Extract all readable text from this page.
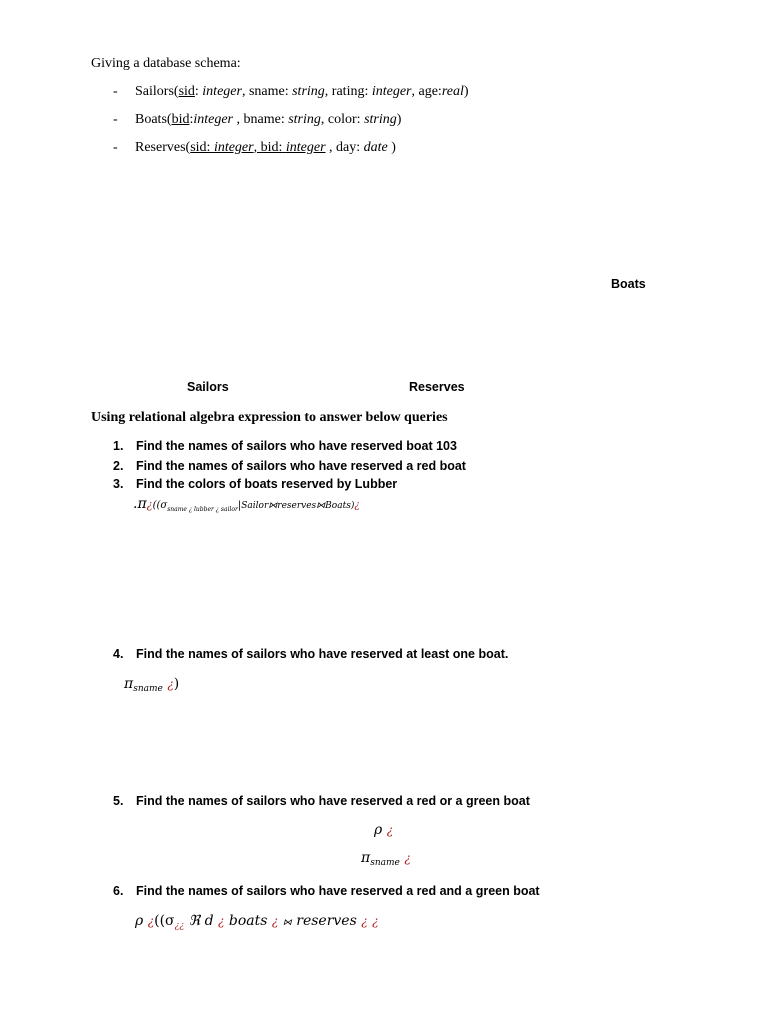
Giving a database schema:
- Sailors(sid: integer, sname: string, rating: integer, age:real)
- Boats(bid:integer , bname: string, color: string)
- Reserves(sid: integer, bid: integer , day: date )
Boats
Sailors	Reserves
Using relational algebra expression to answer below queries
1. Find the names of sailors who have reserved boat 103
2. Find the names of sailors who have reserved a red boat
3. Find the colors of boats reserved by Lubber
$.\pi¿((\sigma_{sname ¿ lubber ¿ sailor}|Sailor⋈reserves⋈Boats)¿$
4. Find the names of sailors who have reserved at least one boat.
$\pi_{sname}$ ¿)
5. Find the names of sailors who have reserved a red or a green boat
ρ ¿
$\pi_{sname}$ ¿
6. Find the names of sailors who have reserved a red and a green boat
ρ ¿(($\sigma_{¿¿}$ ℜ d ¿ boats ¿ ⋈ reserves ¿ ¿
